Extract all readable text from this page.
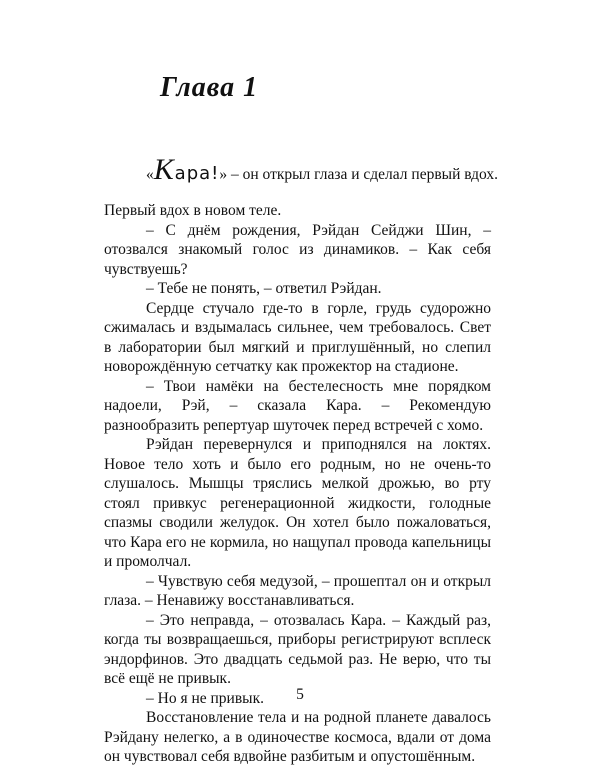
Глава 1
«Кара!» – он открыл глаза и сделал первый вдох.

Первый вдох в новом теле.

– С днём рождения, Рэйдан Сейджи Шин, – отозвался знакомый голос из динамиков. – Как себя чувствуешь?

– Тебе не понять, – ответил Рэйдан.

Сердце стучало где-то в горле, грудь судорожно сжималась и вздымалась сильнее, чем требовалось. Свет в лаборатории был мягкий и приглушённый, но слепил новорождённую сетчатку как прожектор на стадионе.

– Твои намёки на бестелесность мне порядком надоели, Рэй, – сказала Кара. – Рекомендую разнообразить репертуар шуточек перед встречей с хомо.

Рэйдан перевернулся и приподнялся на локтях. Новое тело хоть и было его родным, но не очень-то слушалось. Мышцы тряслись мелкой дрожью, во рту стоял привкус регенерационной жидкости, голодные спазмы сводили желудок. Он хотел было пожаловаться, что Кара его не кормила, но нащупал провода капельницы и промолчал.

– Чувствую себя медузой, – прошептал он и открыл глаза. – Ненавижу восстанавливаться.

– Это неправда, – отозвалась Кара. – Каждый раз, когда ты возвращаешься, приборы регистрируют всплеск эндорфинов. Это двадцать седьмой раз. Не верю, что ты всё ещё не привык.

– Но я не привык.

Восстановление тела и на родной планете давалось Рэйдану нелегко, а в одиночестве космоса, вдали от дома он чувствовал себя вдвойне разбитым и опустошённым.

5
